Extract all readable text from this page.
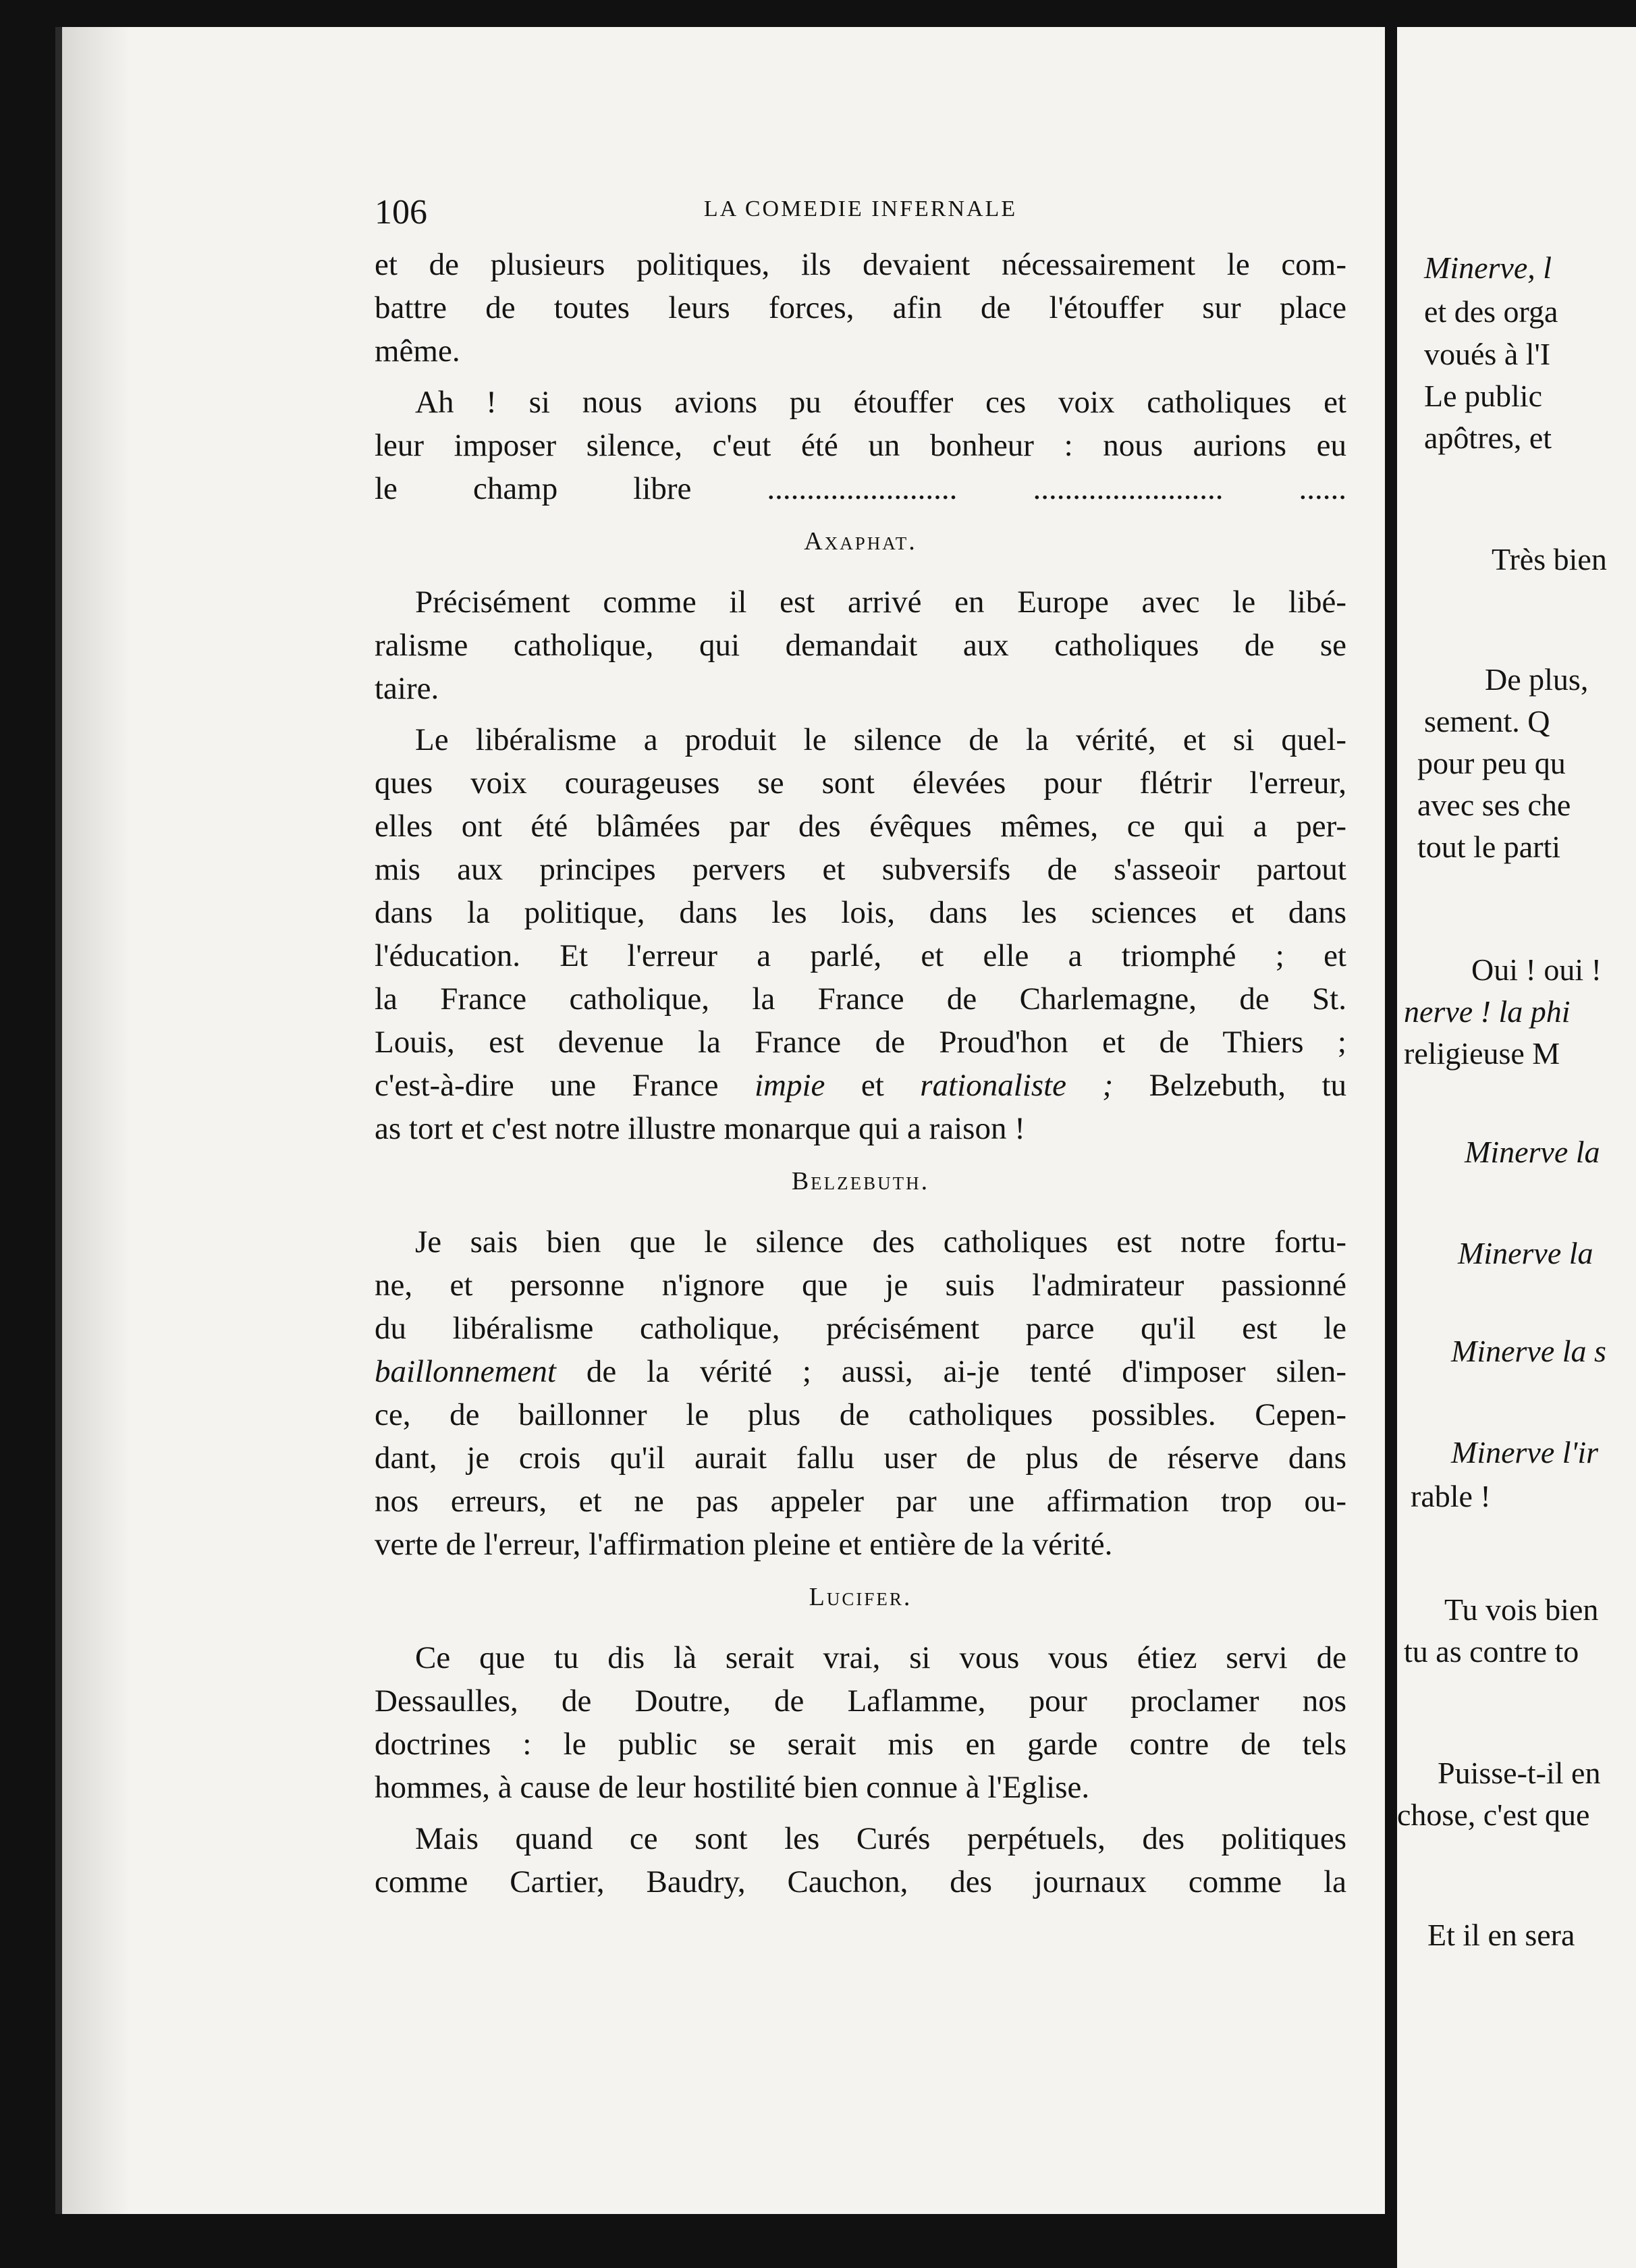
106	LA COMEDIE INFERNALE
et de plusieurs politiques, ils devaient nécessairement le com-
battre de toutes leurs forces, afin de l'étouffer sur place
même.
Ah ! si nous avions pu étouffer ces voix catholiques et
leur imposer silence, c'eut été un bonheur : nous aurions eu
le champ libre ........................ ........................ ......
Axaphat.
Précisément comme il est arrivé en Europe avec le libé-
ralisme catholique, qui demandait aux catholiques de se
taire.
Le libéralisme a produit le silence de la vérité, et si quel-
ques voix courageuses se sont élevées pour flétrir l'erreur,
elles ont été blâmées par des évêques mêmes, ce qui a per-
mis aux principes pervers et subversifs de s'asseoir partout
dans la politique, dans les lois, dans les sciences et dans
l'éducation. Et l'erreur a parlé, et elle a triomphé ; et
la France catholique, la France de Charlemagne, de St.
Louis, est devenue la France de Proud'hon et de Thiers ;
c'est-à-dire une France impie et rationaliste ; Belzebuth, tu
as tort et c'est notre illustre monarque qui a raison !
Belzebuth.
Je sais bien que le silence des catholiques est notre fortu-
ne, et personne n'ignore que je suis l'admirateur passionné
du libéralisme catholique, précisément parce qu'il est le
baillonnement de la vérité ; aussi, ai-je tenté d'imposer silen-
ce, de baillonner le plus de catholiques possibles. Cepen-
dant, je crois qu'il aurait fallu user de plus de réserve dans
nos erreurs, et ne pas appeler par une affirmation trop ou-
verte de l'erreur, l'affirmation pleine et entière de la vérité.
Lucifer.
Ce que tu dis là serait vrai, si vous vous étiez servi de
Dessaulles, de Doutre, de Laflamme, pour proclamer nos
doctrines : le public se serait mis en garde contre de tels
hommes, à cause de leur hostilité bien connue à l'Eglise.
Mais quand ce sont les Curés perpétuels, des politiques
comme Cartier, Baudry, Cauchon, des journaux comme la
Minerve, l
et des orga
voués à l'I
Le public
apôtres, et
Très bien
De plus,
sement. Q
pour peu qu
avec ses che
tout le parti
Oui ! oui !
nerve ! la phi
religieuse M
Minerve la
Minerve la
Minerve la s
Minerve l'ir
rable !
Tu vois bien
tu as contre to
Puisse-t-il en
chose, c'est que
Et il en sera
